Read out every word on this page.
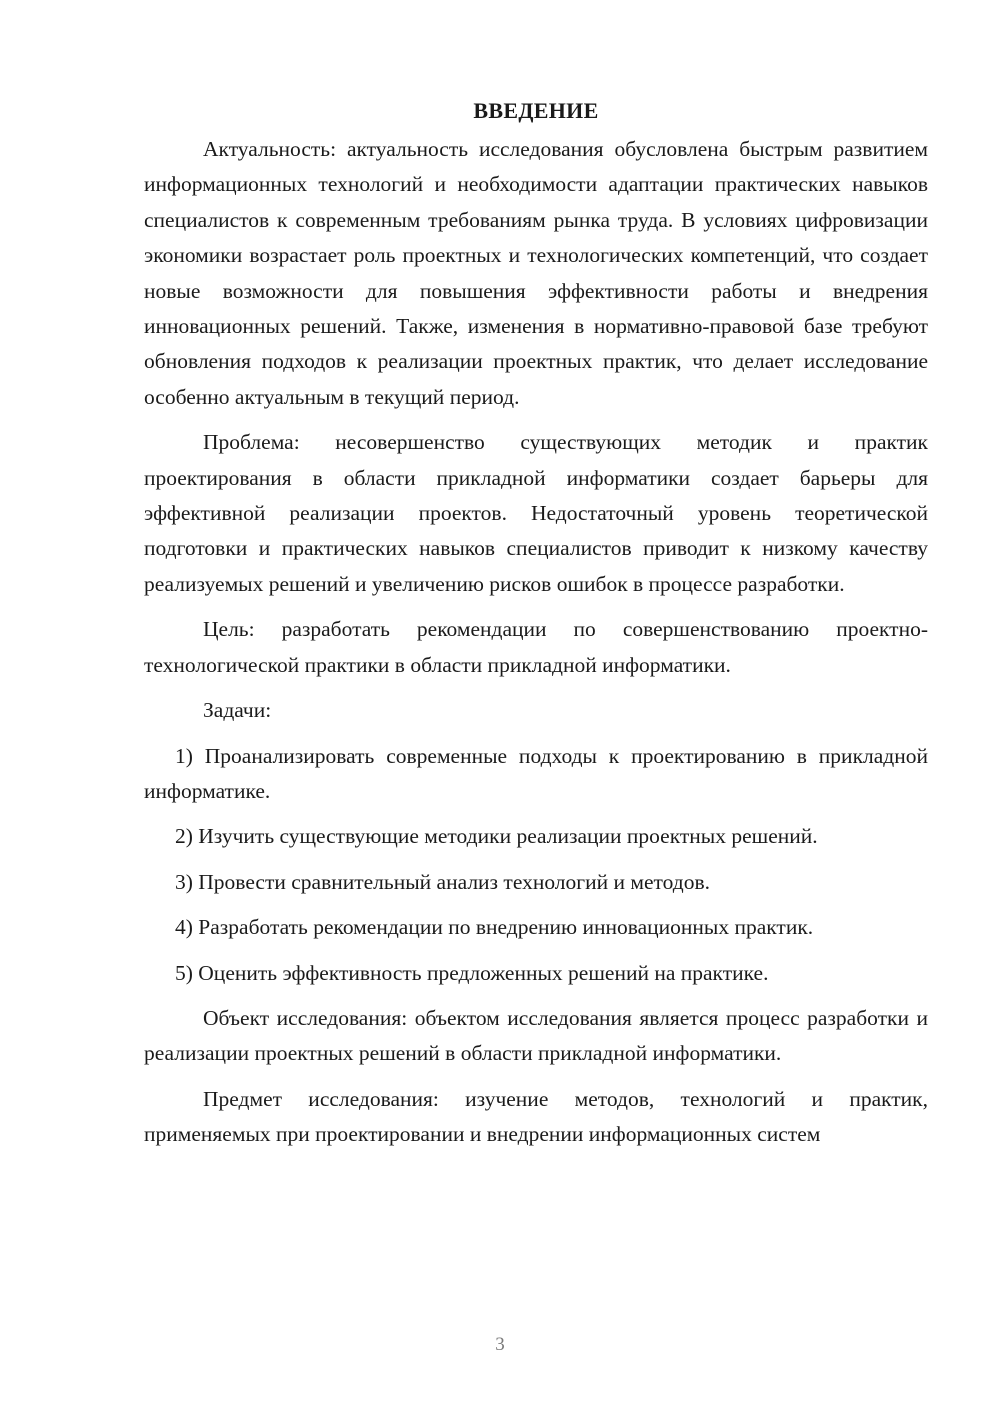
ВВЕДЕНИЕ

Актуальность: актуальность исследования обусловлена быстрым развитием информационных технологий и необходимости адаптации практических навыков специалистов к современным требованиям рынка труда. В условиях цифровизации экономики возрастает роль проектных и технологических компетенций, что создает новые возможности для повышения эффективности работы и внедрения инновационных решений. Также, изменения в нормативно-правовой базе требуют обновления подходов к реализации проектных практик, что делает исследование особенно актуальным в текущий период.

Проблема: несовершенство существующих методик и практик проектирования в области прикладной информатики создает барьеры для эффективной реализации проектов. Недостаточный уровень теоретической подготовки и практических навыков специалистов приводит к низкому качеству реализуемых решений и увеличению рисков ошибок в процессе разработки.

Цель: разработать рекомендации по совершенствованию проектно-технологической практики в области прикладной информатики.

Задачи:

1) Проанализировать современные подходы к проектированию в прикладной информатике.

2) Изучить существующие методики реализации проектных решений.

3) Провести сравнительный анализ технологий и методов.

4) Разработать рекомендации по внедрению инновационных практик.

5) Оценить эффективность предложенных решений на практике.

Объект исследования: объектом исследования является процесс разработки и реализации проектных решений в области прикладной информатики.

Предмет исследования: изучение методов, технологий и практик, применяемых при проектировании и внедрении информационных систем

3
